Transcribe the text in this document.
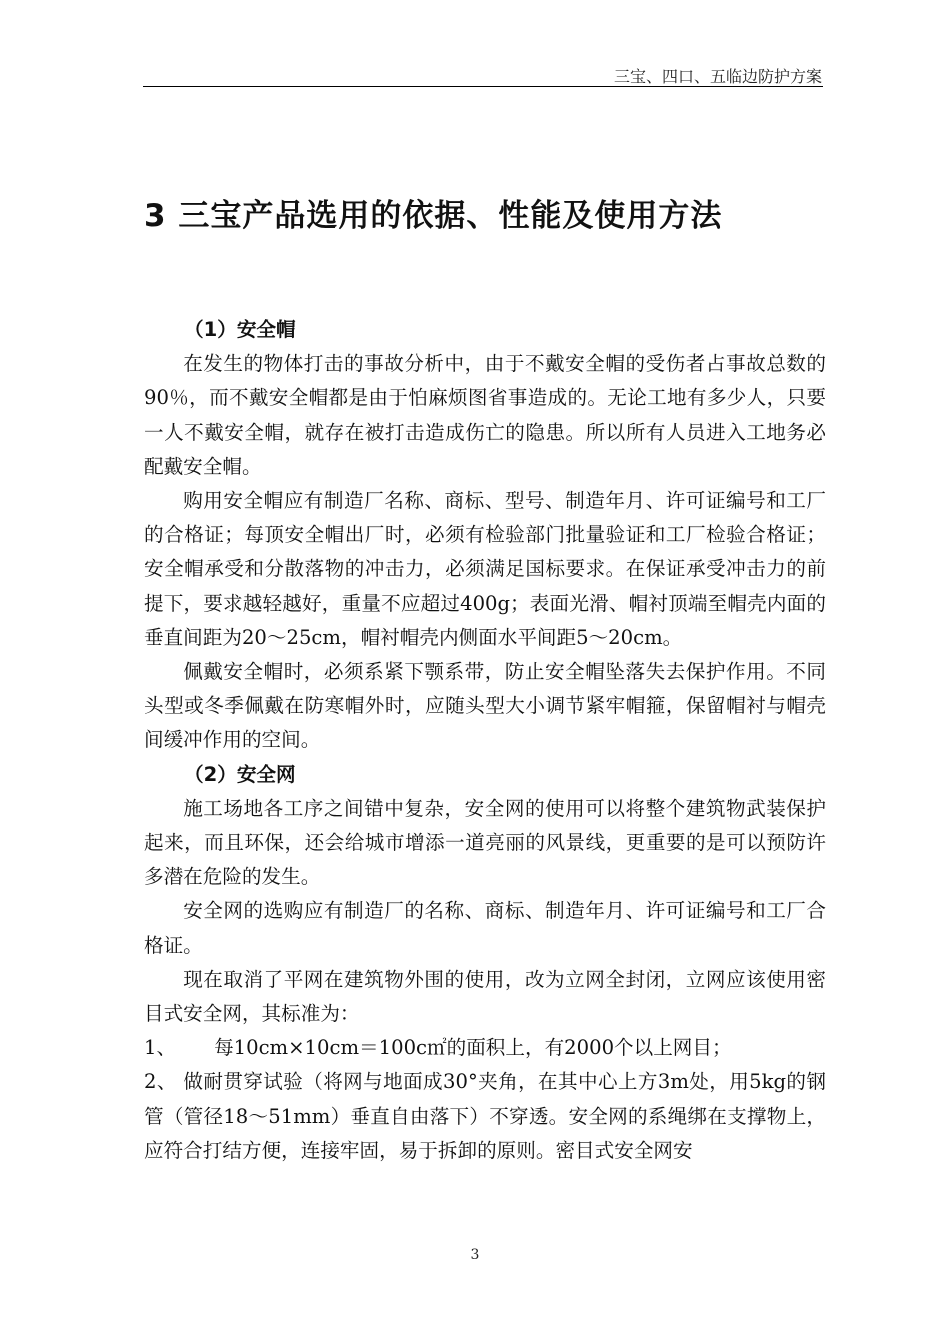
三宝、四口、五临边防护方案
3 三宝产品选用的依据、性能及使用方法
（1）安全帽

在发生的物体打击的事故分析中，由于不戴安全帽的受伤者占事故总数的90％，而不戴安全帽都是由于怕麻烦图省事造成的。无论工地有多少人，只要一人不戴安全帽，就存在被打击造成伤亡的隐患。所以所有人员进入工地务必配戴安全帽。

购用安全帽应有制造厂名称、商标、型号、制造年月、许可证编号和工厂的合格证；每顶安全帽出厂时，必须有检验部门批量验证和工厂检验合格证；安全帽承受和分散落物的冲击力，必须满足国标要求。在保证承受冲击力的前提下，要求越轻越好，重量不应超过400g；表面光滑、帽衬顶端至帽壳内面的垂直间距为20～25cm，帽衬帽壳内侧面水平间距5～20cm。

佩戴安全帽时，必须系紧下颚系带，防止安全帽坠落失去保护作用。不同头型或冬季佩戴在防寒帽外时，应随头型大小调节紧牢帽箍，保留帽衬与帽壳间缓冲作用的空间。

（2）安全网

施工场地各工序之间错中复杂，安全网的使用可以将整个建筑物武装保护起来，而且环保，还会给城市增添一道亮丽的风景线，更重要的是可以预防许多潜在危险的发生。

安全网的选购应有制造厂的名称、商标、制造年月、许可证编号和工厂合格证。

现在取消了平网在建筑物外围的使用，改为立网全封闭，立网应该使用密目式安全网，其标准为：

1、 每10cm×10cm＝100c㎡的面积上，有2000个以上网目；

2、 做耐贯穿试验（将网与地面成30°夹角，在其中心上方3m处，用5kg的钢管（管径18～51mm）垂直自由落下）不穿透。安全网的系绳绑在支撑物上，应符合打结方便，连接牢固，易于拆卸的原则。密目式安全网安

3
